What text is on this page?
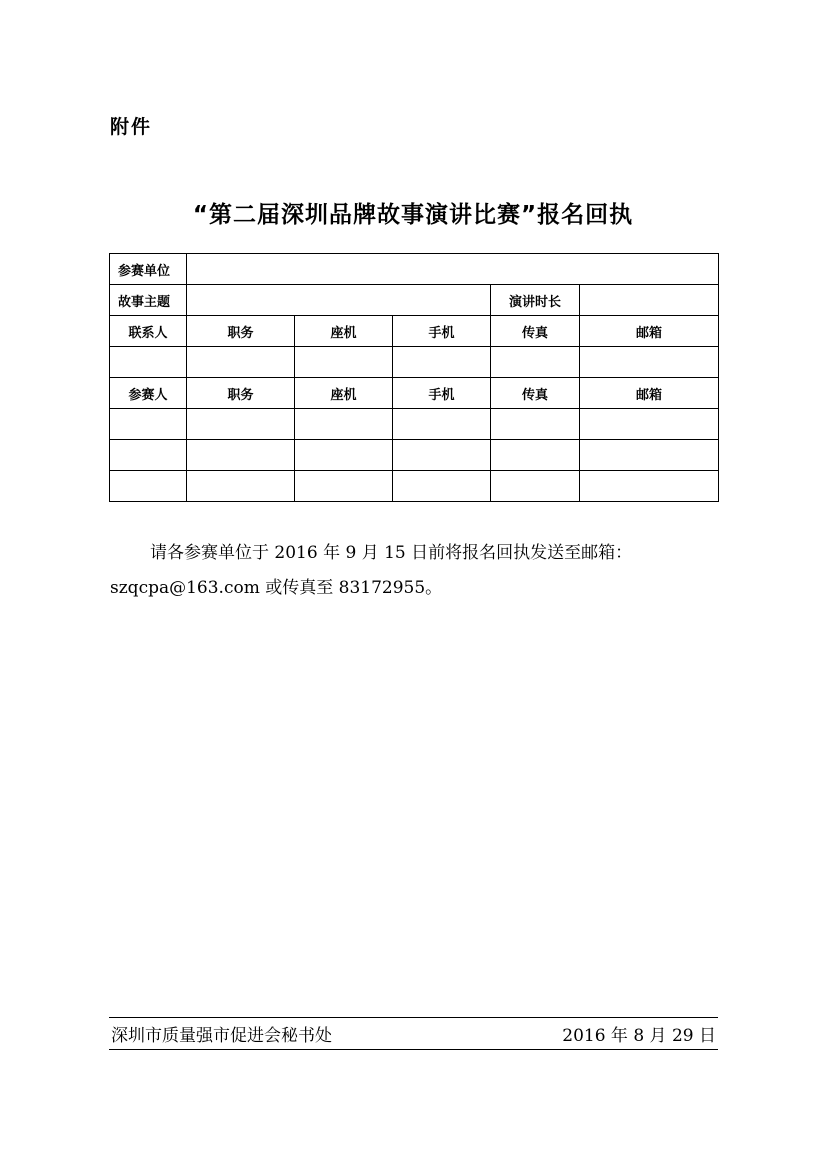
附件
“第二届深圳品牌故事演讲比赛”报名回执
参赛单位					
故事主题				演讲时长	
联系人	职务	座机	手机	传真	邮箱

参赛人	职务	座机	手机	传真	邮箱

请各参赛单位于 2016 年 9 月 15 日前将报名回执发送至邮箱：
szqcpa@163.com 或传真至 83172955。
深圳市质量强市促进会秘书处	2016 年 8 月 29 日
